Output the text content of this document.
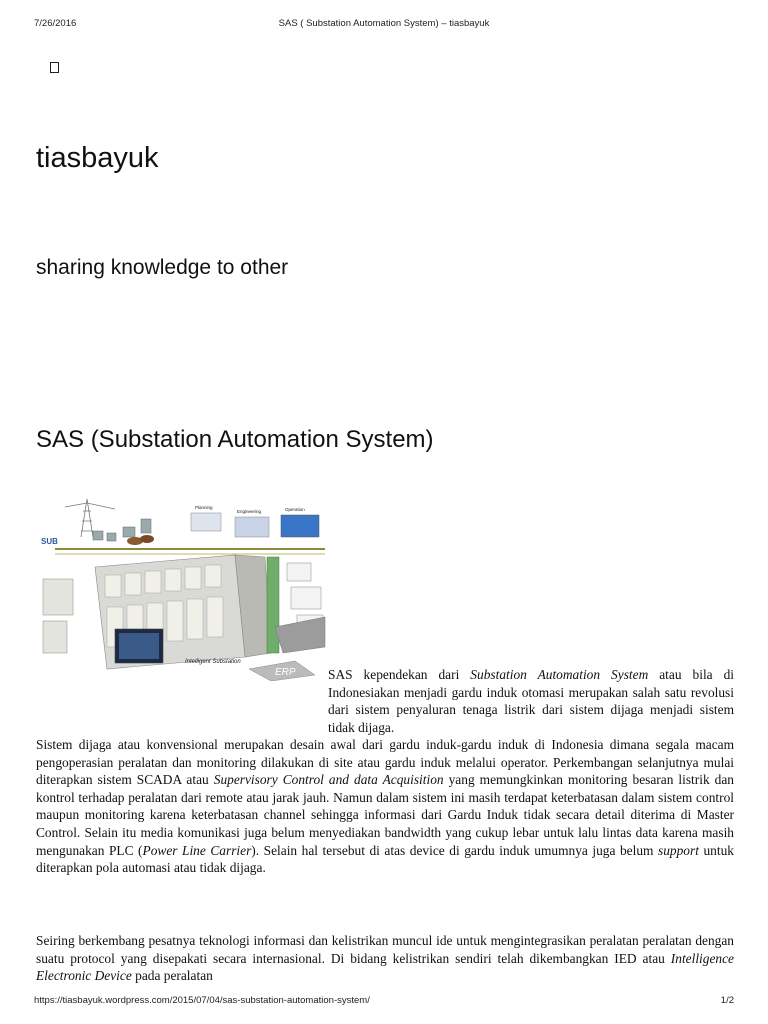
7/26/2016	SAS ( Substation Automation System) – tiasbayuk
tiasbayuk
sharing knowledge to other
SAS (Substation Automation System)
SUB
Planning
Engineering	Operation
Intelligent Substation
ERP	SAS kependekan dari Substation Automation System atau bila di Indonesiakan menjadi gardu induk otomasi merupakan salah satu revolusi dari sistem penyaluran tenaga listrik dari sistem dijaga menjadi sistem tidak dijaga.

Sistem dijaga atau konvensional merupakan desain awal dari gardu induk-gardu induk di Indonesia dimana segala macam pengoperasian peralatan dan monitoring dilakukan di site atau gardu induk melalui operator. Perkembangan selanjutnya mulai diterapkan sistem SCADA atau Supervisory Control and data Acquisition yang memungkinkan monitoring besaran listrik dan kontrol terhadap peralatan dari remote atau jarak jauh. Namun dalam sistem ini masih terdapat keterbatasan dalam sistem control maupun monitoring karena keterbatasan channel sehingga informasi dari Gardu Induk tidak secara detail diterima di Master Control. Selain itu media komunikasi juga belum menyediakan bandwidth yang cukup lebar untuk lalu lintas data karena masih mengunakan PLC (Power Line Carrier). Selain hal tersebut di atas device di gardu induk umumnya juga belum support untuk diterapkan pola automasi atau tidak dijaga.

Seiring berkembang pesatnya teknologi informasi dan kelistrikan muncul ide untuk mengintegrasikan peralatan peralatan dengan suatu protocol yang disepakati secara internasional. Di bidang kelistrikan sendiri telah dikembangkan IED atau Intelligence Electronic Device pada peralatan

https://tiasbayuk.wordpress.com/2015/07/04/sas-substation-automation-system/	1/2
